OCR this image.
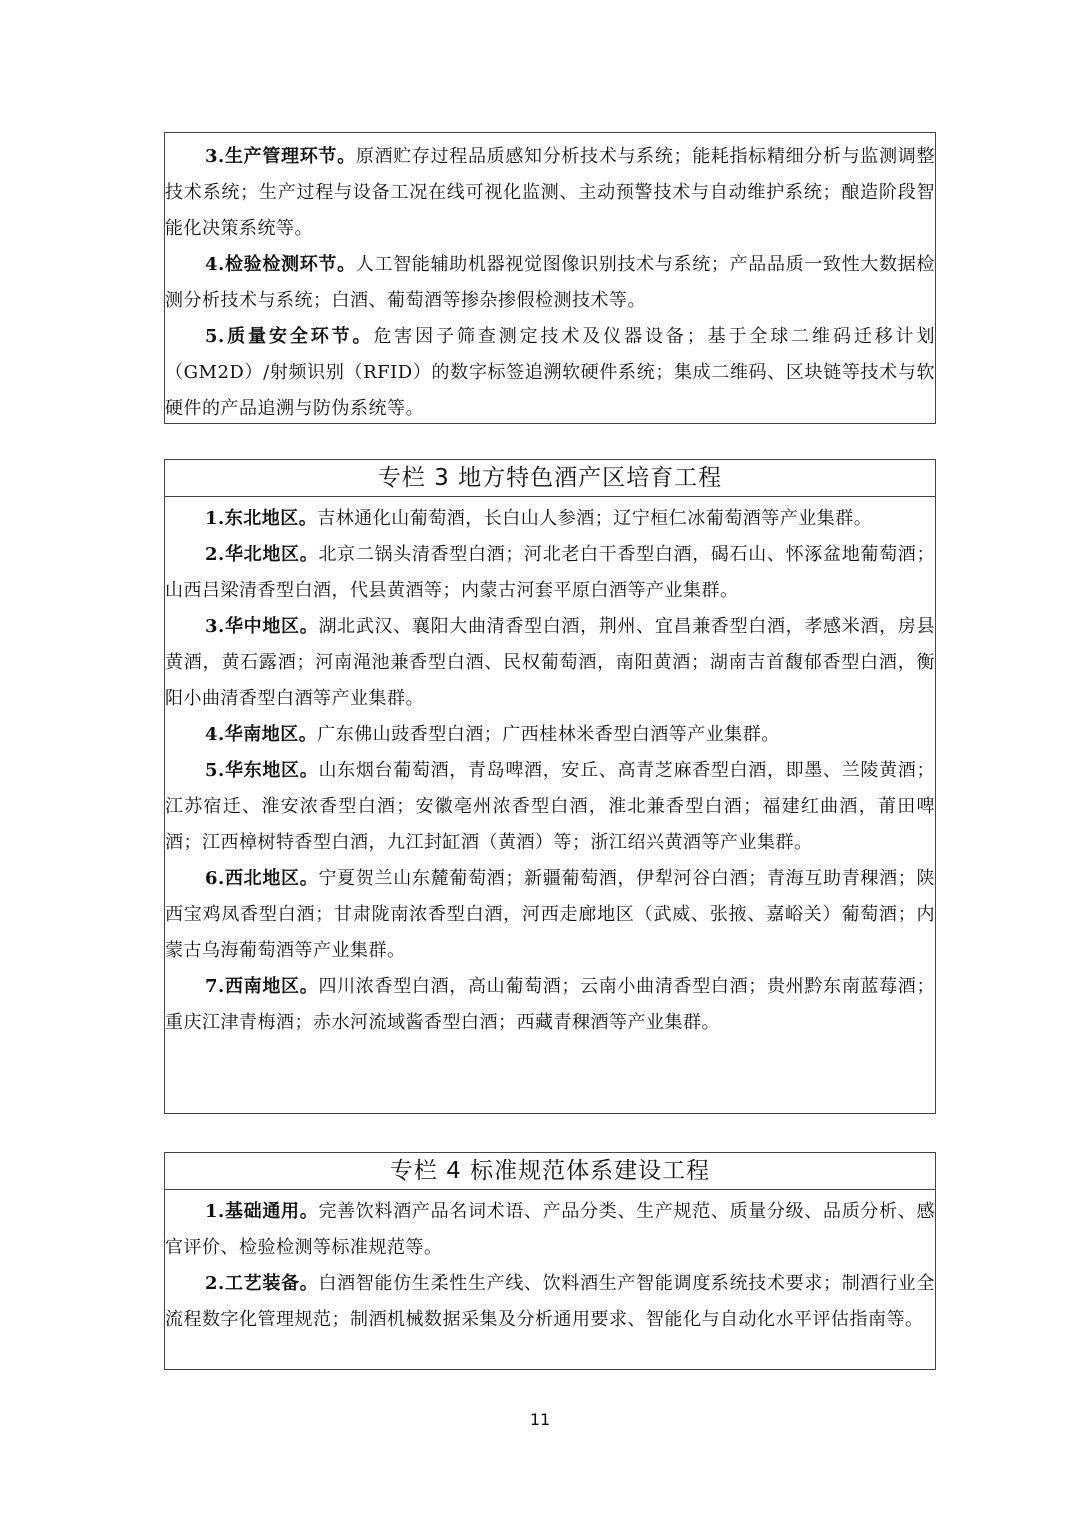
3.生产管理环节。原酒贮存过程品质感知分析技术与系统；能耗指标精细分析与监测调整技术系统；生产过程与设备工况在线可视化监测、主动预警技术与自动维护系统；酿造阶段智能化决策系统等。

4.检验检测环节。人工智能辅助机器视觉图像识别技术与系统；产品品质一致性大数据检测分析技术与系统；白酒、葡萄酒等掺杂掺假检测技术等。

5.质量安全环节。危害因子筛查测定技术及仪器设备；基于全球二维码迁移计划（GM2D）/射频识别（RFID）的数字标签追溯软硬件系统；集成二维码、区块链等技术与软硬件的产品追溯与防伪系统等。

专栏 3 地方特色酒产区培育工程

1.东北地区。吉林通化山葡萄酒，长白山人参酒；辽宁桓仁冰葡萄酒等产业集群。

2.华北地区。北京二锅头清香型白酒；河北老白干香型白酒，碣石山、怀涿盆地葡萄酒；山西吕梁清香型白酒，代县黄酒等；内蒙古河套平原白酒等产业集群。

3.华中地区。湖北武汉、襄阳大曲清香型白酒，荆州、宜昌兼香型白酒，孝感米酒，房县黄酒，黄石露酒；河南渑池兼香型白酒、民权葡萄酒，南阳黄酒；湖南吉首馥郁香型白酒，衡阳小曲清香型白酒等产业集群。

4.华南地区。广东佛山豉香型白酒；广西桂林米香型白酒等产业集群。

5.华东地区。山东烟台葡萄酒，青岛啤酒，安丘、高青芝麻香型白酒，即墨、兰陵黄酒；江苏宿迁、淮安浓香型白酒；安徽亳州浓香型白酒，淮北兼香型白酒；福建红曲酒，莆田啤酒；江西樟树特香型白酒，九江封缸酒（黄酒）等；浙江绍兴黄酒等产业集群。

6.西北地区。宁夏贺兰山东麓葡萄酒；新疆葡萄酒，伊犁河谷白酒；青海互助青稞酒；陕西宝鸡凤香型白酒；甘肃陇南浓香型白酒，河西走廊地区（武威、张掖、嘉峪关）葡萄酒；内蒙古乌海葡萄酒等产业集群。

7.西南地区。四川浓香型白酒，高山葡萄酒；云南小曲清香型白酒；贵州黔东南蓝莓酒；重庆江津青梅酒；赤水河流域酱香型白酒；西藏青稞酒等产业集群。

专栏 4 标准规范体系建设工程

1.基础通用。完善饮料酒产品名词术语、产品分类、生产规范、质量分级、品质分析、感官评价、检验检测等标准规范等。

2.工艺装备。白酒智能仿生柔性生产线、饮料酒生产智能调度系统技术要求；制酒行业全流程数字化管理规范；制酒机械数据采集及分析通用要求、智能化与自动化水平评估指南等。

11
